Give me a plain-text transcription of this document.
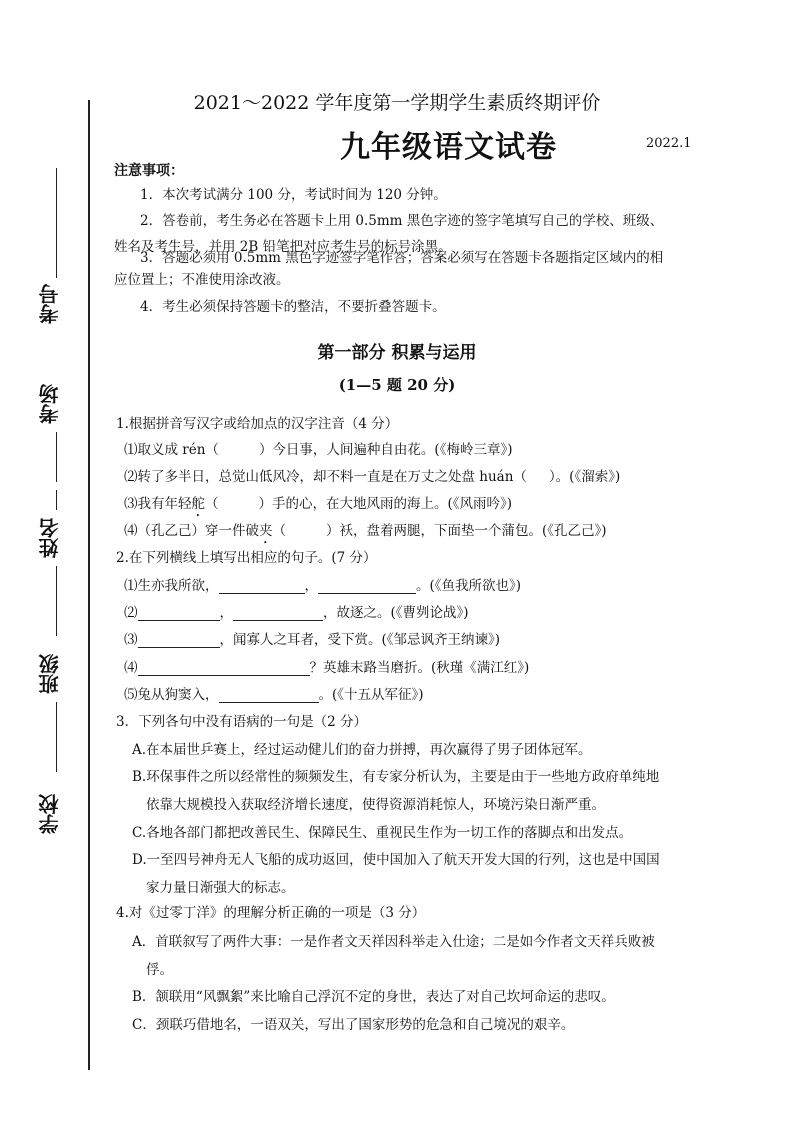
考号
考场
姓名
班级
学校
2021～2022 学年度第一学期学生素质终期评价
九年级语文试卷	2022.1
注意事项：
1．本次考试满分 100 分，考试时间为 120 分钟。
2．答卷前，考生务必在答题卡上用 0.5mm 黑色字迹的签字笔填写自己的学校、班级、
姓名及考生号，并用 2B 铅笔把对应考生号的标号涂黑。
3．答题必须用 0.5mm 黑色字迹签字笔作答；答案必须写在答题卡各题指定区域内的相
应位置上；不准使用涂改液。
4．考生必须保持答题卡的整洁，不要折叠答题卡。
第一部分 积累与运用
(1—5 题 20 分)
1.根据拼音写汉字或给加点的汉字注音（4 分）
⑴取义成 rén（	）今日事，人间遍种自由花。(《梅岭三章》)
⑵转了多半日，总觉山低风冷，却不料一直是在万丈之处盘 huán（ ）。(《溜索》)
⑶我有年轻舵（	）手的心，在大地风雨的海上。(《风雨吟》)
⑷（孔乙己）穿一件破夹（	）袄，盘着两腿，下面垫一个蒲包。(《孔乙己》)
2.在下列横线上填写出相应的句子。(7 分）
⑴生亦我所欲，	，	。(《鱼我所欲也》)
⑵	，	，故逐之。(《曹刿论战》)
⑶	，闻寡人之耳者，受下赏。(《邹忌讽齐王纳谏》)
⑷	？英雄末路当磨折。(秋瑾《满江红》)
⑸兔从狗窦入，	。(《十五从军征》)
3．下列各句中没有语病的一句是（2 分）
A.在本届世乒赛上，经过运动健儿们的奋力拼搏，再次赢得了男子团体冠军。
B.环保事件之所以经常性的频频发生，有专家分析认为，主要是由于一些地方政府单纯地
依靠大规模投入获取经济增长速度，使得资源消耗惊人，环境污染日渐严重。
C.各地各部门都把改善民生、保障民生、重视民生作为一切工作的落脚点和出发点。
D.一至四号神舟无人飞船的成功返回，使中国加入了航天开发大国的行列，这也是中国国
家力量日渐强大的标志。
4.对《过零丁洋》的理解分析正确的一项是（3 分）
A．首联叙写了两件大事：一是作者文天祥因科举走入仕途；二是如今作者文天祥兵败被
俘。
B．颔联用“风飘絮”来比喻自己浮沉不定的身世，表达了对自己坎坷命运的悲叹。
C．颈联巧借地名，一语双关，写出了国家形势的危急和自己境况的艰辛。
